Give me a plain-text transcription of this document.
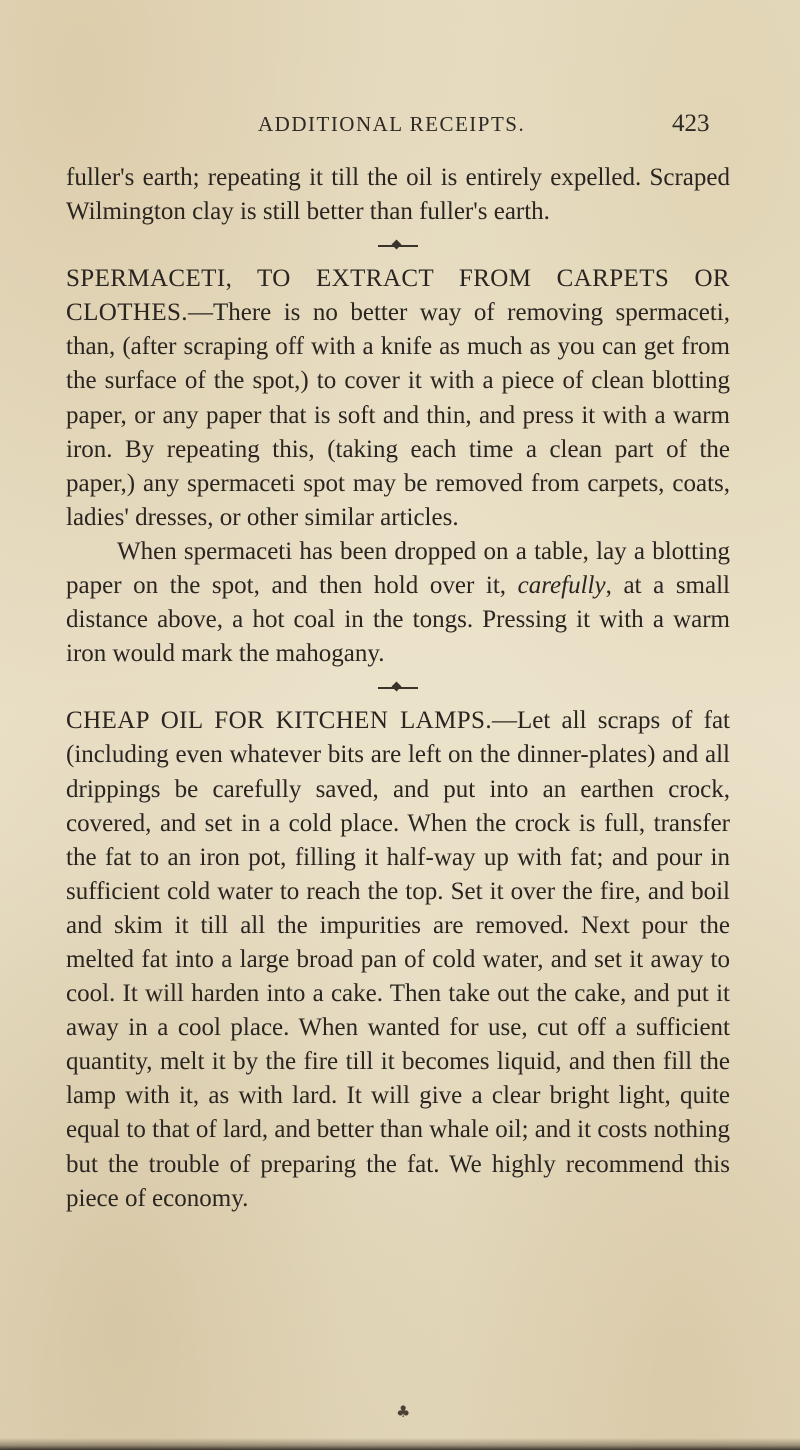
ADDITIONAL RECEIPTS.	423

fuller's earth; repeating it till the oil is entirely expelled. Scraped Wilmington clay is still better than fuller's earth.

SPERMACETI, TO EXTRACT FROM CARPETS OR CLOTHES.—There is no better way of removing spermaceti, than, (after scraping off with a knife as much as you can get from the surface of the spot,) to cover it with a piece of clean blotting paper, or any paper that is soft and thin, and press it with a warm iron. By repeating this, (taking each time a clean part of the paper,) any spermaceti spot may be removed from carpets, coats, ladies' dresses, or other similar articles.

When spermaceti has been dropped on a table, lay a blotting paper on the spot, and then hold over it, carefully, at a small distance above, a hot coal in the tongs. Pressing it with a warm iron would mark the mahogany.

CHEAP OIL FOR KITCHEN LAMPS.—Let all scraps of fat (including even whatever bits are left on the dinner-plates) and all drippings be carefully saved, and put into an earthen crock, covered, and set in a cold place. When the crock is full, transfer the fat to an iron pot, filling it half-way up with fat; and pour in sufficient cold water to reach the top. Set it over the fire, and boil and skim it till all the impurities are removed. Next pour the melted fat into a large broad pan of cold water, and set it away to cool. It will harden into a cake. Then take out the cake, and put it away in a cool place. When wanted for use, cut off a sufficient quantity, melt it by the fire till it becomes liquid, and then fill the lamp with it, as with lard. It will give a clear bright light, quite equal to that of lard, and better than whale oil; and it costs nothing but the trouble of preparing the fat. We highly recommend this piece of economy.

♣
